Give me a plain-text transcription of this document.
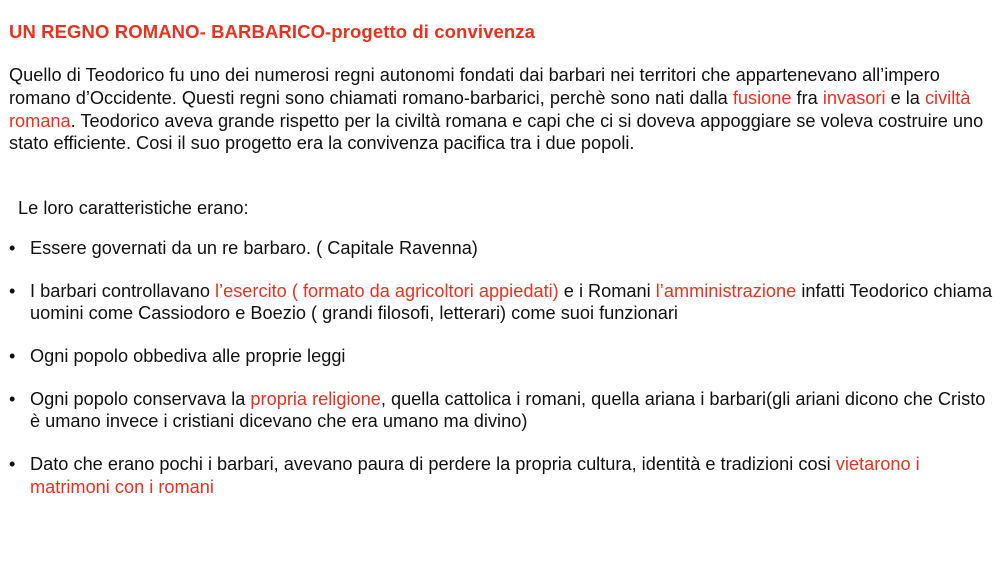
UN REGNO ROMANO- BARBARICO-progetto di convivenza

Quello di Teodorico fu uno dei numerosi regni autonomi fondati dai barbari nei territori che appartenevano all’impero romano d’Occidente. Questi regni sono chiamati romano-barbarici, perchè sono nati dalla fusione fra invasori e la civiltà romana. Teodorico aveva grande rispetto per la civiltà romana e capi che ci si doveva appoggiare se voleva costruire uno stato efficiente. Cosi il suo progetto era la convivenza pacifica tra i due popoli.

Le loro caratteristiche erano:
• Essere governati da un re barbaro. ( Capitale Ravenna)
• I barbari controllavano l’esercito ( formato da agricoltori appiedati) e i Romani l’amministrazione infatti Teodorico chiama uomini come Cassiodoro e Boezio ( grandi filosofi, letterari) come suoi funzionari
• Ogni popolo obbediva alle proprie leggi
• Ogni popolo conservava la propria religione, quella cattolica i romani, quella ariana i barbari(gli ariani dicono che Cristo è umano invece i cristiani dicevano che era umano ma divino)
• Dato che erano pochi i barbari, avevano paura di perdere la propria cultura, identità e tradizioni cosi vietarono i matrimoni con i romani
